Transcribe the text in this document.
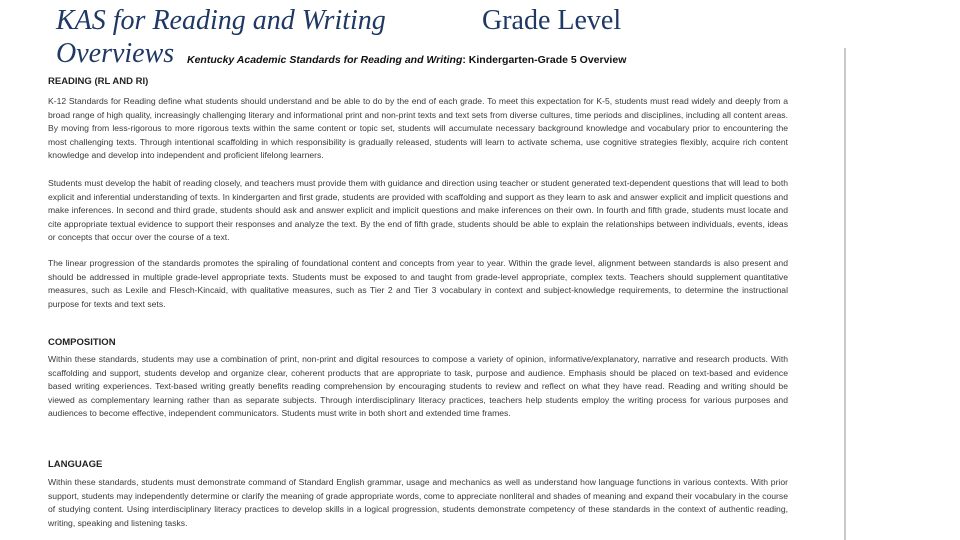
KAS for Reading and Writing Overviews
Grade Level
Kentucky Academic Standards for Reading and Writing: Kindergarten-Grade 5 Overview
READING (RL AND RI)
K-12 Standards for Reading define what students should understand and be able to do by the end of each grade. To meet this expectation for K-5, students must read widely and deeply from a broad range of high quality, increasingly challenging literary and informational print and non-print texts and text sets from diverse cultures, time periods and disciplines, including all content areas. By moving from less-rigorous to more rigorous texts within the same content or topic set, students will accumulate necessary background knowledge and vocabulary prior to encountering the most challenging texts. Through intentional scaffolding in which responsibility is gradually released, students will learn to activate schema, use cognitive strategies flexibly, acquire rich content knowledge and develop into independent and proficient lifelong learners.
Students must develop the habit of reading closely, and teachers must provide them with guidance and direction using teacher or student generated text-dependent questions that will lead to both explicit and inferential understanding of texts. In kindergarten and first grade, students are provided with scaffolding and support as they learn to ask and answer explicit and implicit questions and make inferences. In second and third grade, students should ask and answer explicit and implicit questions and make inferences on their own. In fourth and fifth grade, students must locate and cite appropriate textual evidence to support their responses and analyze the text. By the end of fifth grade, students should be able to explain the relationships between individuals, events, ideas or concepts that occur over the course of a text.
The linear progression of the standards promotes the spiraling of foundational content and concepts from year to year. Within the grade level, alignment between standards is also present and should be addressed in multiple grade-level appropriate texts. Students must be exposed to and taught from grade-level appropriate, complex texts. Teachers should supplement quantitative measures, such as Lexile and Flesch-Kincaid, with qualitative measures, such as Tier 2 and Tier 3 vocabulary in context and subject-knowledge requirements, to determine the instructional purpose for texts and text sets.
COMPOSITION
Within these standards, students may use a combination of print, non-print and digital resources to compose a variety of opinion, informative/explanatory, narrative and research products. With scaffolding and support, students develop and organize clear, coherent products that are appropriate to task, purpose and audience. Emphasis should be placed on text-based and evidence based writing experiences. Text-based writing greatly benefits reading comprehension by encouraging students to review and reflect on what they have read. Reading and writing should be viewed as complementary learning rather than as separate subjects. Through interdisciplinary literacy practices, teachers help students employ the writing process for various purposes and audiences to become effective, independent communicators. Students must write in both short and extended time frames.
LANGUAGE
Within these standards, students must demonstrate command of Standard English grammar, usage and mechanics as well as understand how language functions in various contexts. With prior support, students may independently determine or clarify the meaning of grade appropriate words, come to appreciate nonliteral and shades of meaning and expand their vocabulary in the course of studying content. Using interdisciplinary literacy practices to develop skills in a logical progression, students demonstrate competency of these standards in the context of authentic reading, writing, speaking and listening tasks.
